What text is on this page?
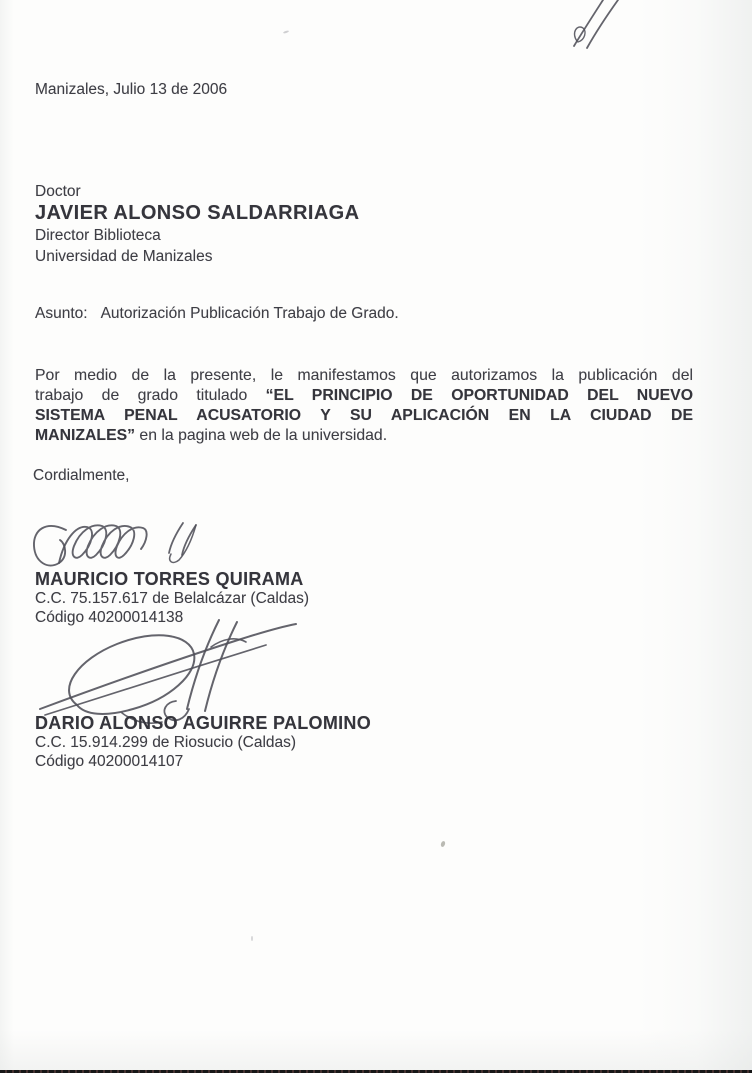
Manizales, Julio 13 de 2006
Doctor
JAVIER ALONSO SALDARRIAGA
Director Biblioteca
Universidad de Manizales
Asunto: Autorización Publicación Trabajo de Grado.
Por medio de la presente, le manifestamos que autorizamos la publicación del
trabajo de grado titulado “EL PRINCIPIO DE OPORTUNIDAD DEL NUEVO
SISTEMA PENAL ACUSATORIO Y SU APLICACIÓN EN LA CIUDAD DE
MANIZALES” en la pagina web de la universidad.
Cordialmente,
MAURICIO TORRES QUIRAMA
C.C. 75.157.617 de Belalcázar (Caldas)
Código 40200014138
DARIO ALONSO AGUIRRE PALOMINO
C.C. 15.914.299 de Riosucio (Caldas)
Código 40200014107
